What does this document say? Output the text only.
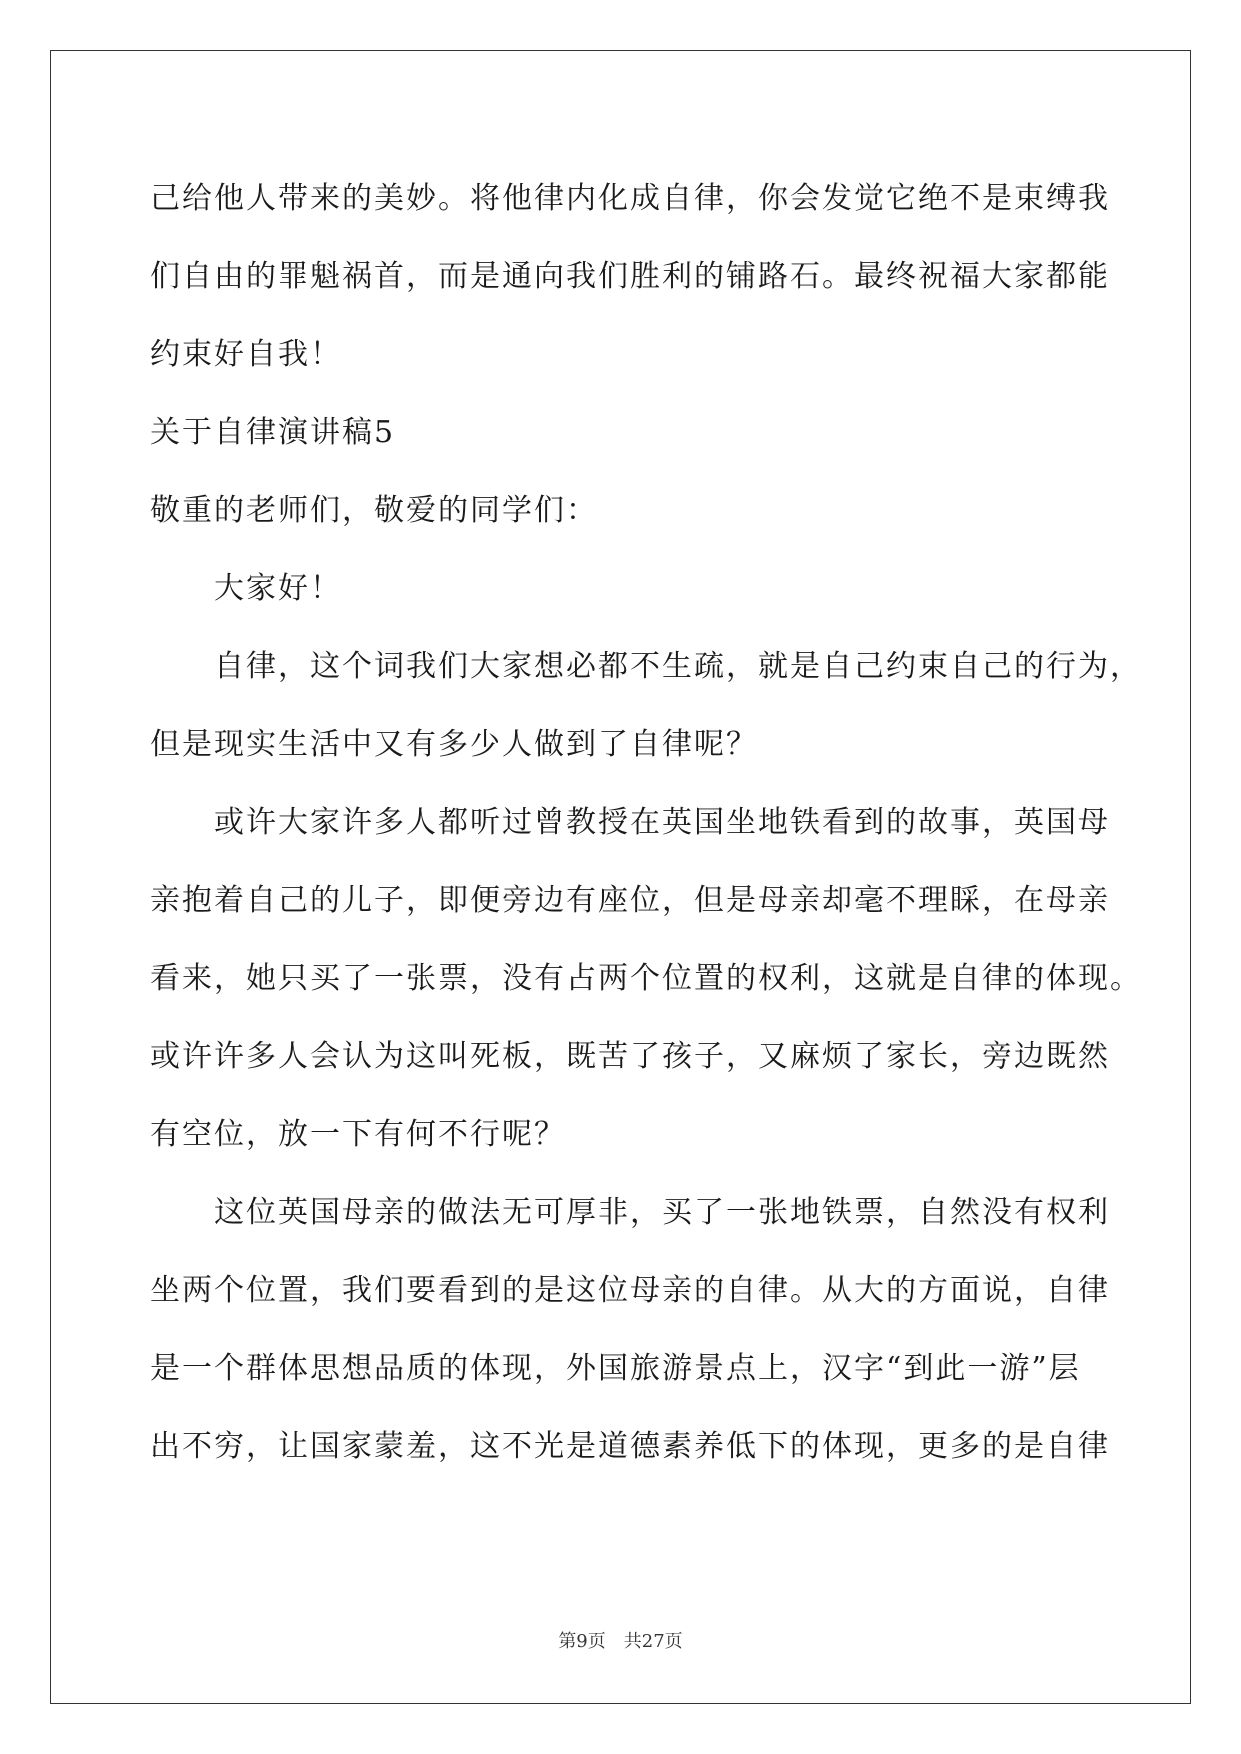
己给他人带来的美妙。将他律内化成自律，你会发觉它绝不是束缚我

们自由的罪魁祸首，而是通向我们胜利的铺路石。最终祝福大家都能

约束好自我！

关于自律演讲稿5

敬重的老师们，敬爱的同学们：

大家好！

自律，这个词我们大家想必都不生疏，就是自己约束自己的行为，

但是现实生活中又有多少人做到了自律呢？

或许大家许多人都听过曾教授在英国坐地铁看到的故事，英国母

亲抱着自己的儿子，即便旁边有座位，但是母亲却毫不理睬，在母亲

看来，她只买了一张票，没有占两个位置的权利，这就是自律的体现。

或许许多人会认为这叫死板，既苦了孩子，又麻烦了家长，旁边既然

有空位，放一下有何不行呢？

这位英国母亲的做法无可厚非，买了一张地铁票，自然没有权利

坐两个位置，我们要看到的是这位母亲的自律。从大的方面说，自律

是一个群体思想品质的体现，外国旅游景点上，汉字“到此一游”层

出不穷，让国家蒙羞，这不光是道德素养低下的体现，更多的是自律

第9页　共27页
